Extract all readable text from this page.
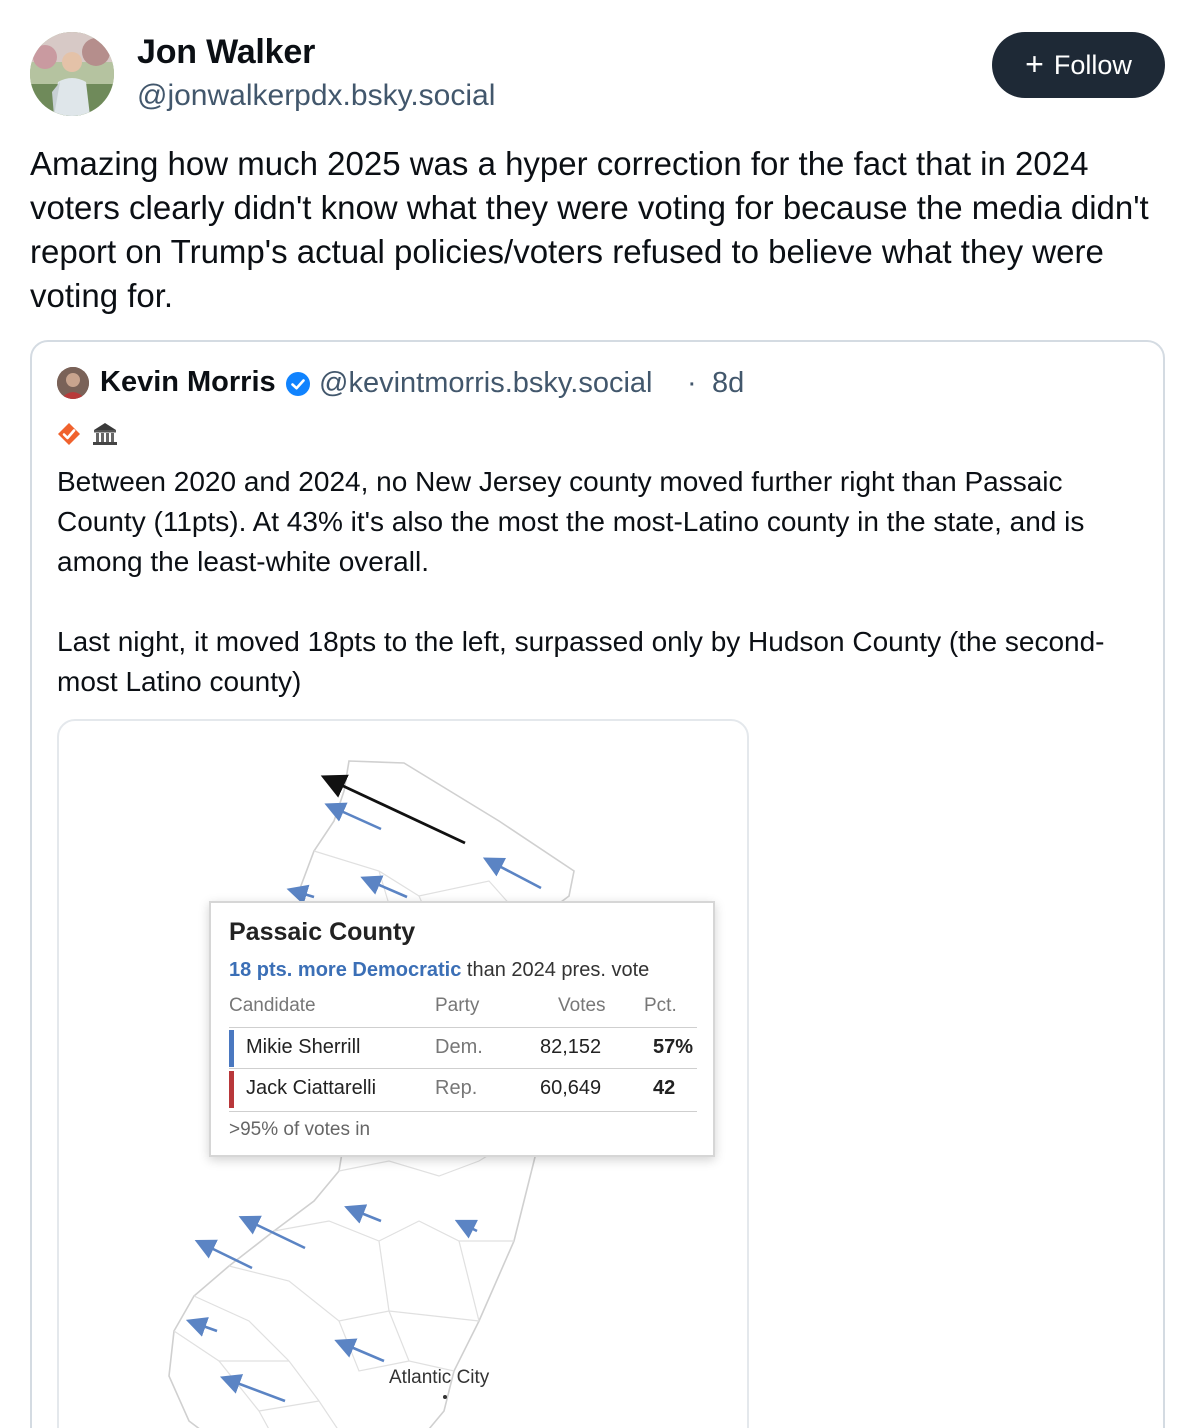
Jon Walker
@jonwalkerpdx.bsky.social
+ Follow
Amazing how much 2025 was a hyper correction for the fact that in 2024 voters clearly didn't know what they were voting for because the media didn't report on Trump's actual policies/voters refused to believe what they were voting for.
Kevin Morris @kevintmorris.bsky.social · 8d

Between 2020 and 2024, no New Jersey county moved further right than Passaic County (11pts). At 43% it's also the most the most-Latino county in the state, and is among the least-white overall.

Last night, it moved 18pts to the left, surpassed only by Hudson County (the second-most Latino county)

Passaic County
18 pts. more Democratic than 2024 pres. vote
Candidate	Party	Votes Pct.
Mikie Sherrill	Dem.	82,152	57%
Jack Ciattarelli	Rep.	60,649	42
>95% of votes in
Atlantic City
